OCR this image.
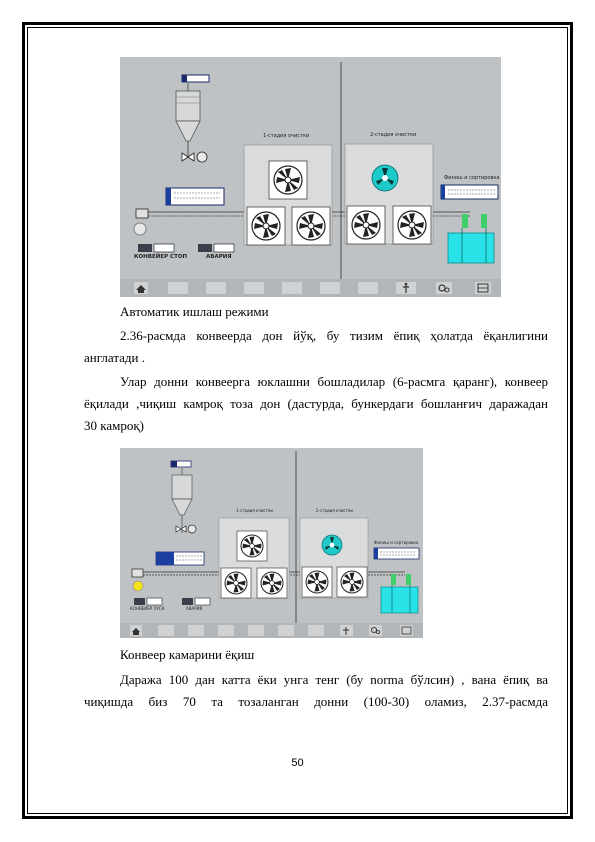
1-стадия очистки	2-стадия очистки
Финиш и сортировка
КОНВЕЙЕР СТОП	АВАРИЯ
Автоматик ишлаш режими
2.36-расмда конвеерда дон йўқ, бу тизим ёпиқ ҳолатда ёқанлигини
англатади .
Улар донни конвеерга юклашни бошладилар (6-расмга қаранг), конвеер
ёқилади ,чиқиш камроқ тоза дон (дастурда, бункердаги бошланғич даражадан
30 камроқ)
1-стадия очистки	2-стадия очистки
Финиш и сортировка
КОНВЕЙЕР ПУСК	АВАРИЯ
Конвеер камарини ёқиш
Даража 100 дан катта ёки унга тенг (бу norma бўлсин) , вана ёпиқ ва
чиқишда биз 70 та тозаланган донни (100-30) оламиз, 2.37-расмда
50
